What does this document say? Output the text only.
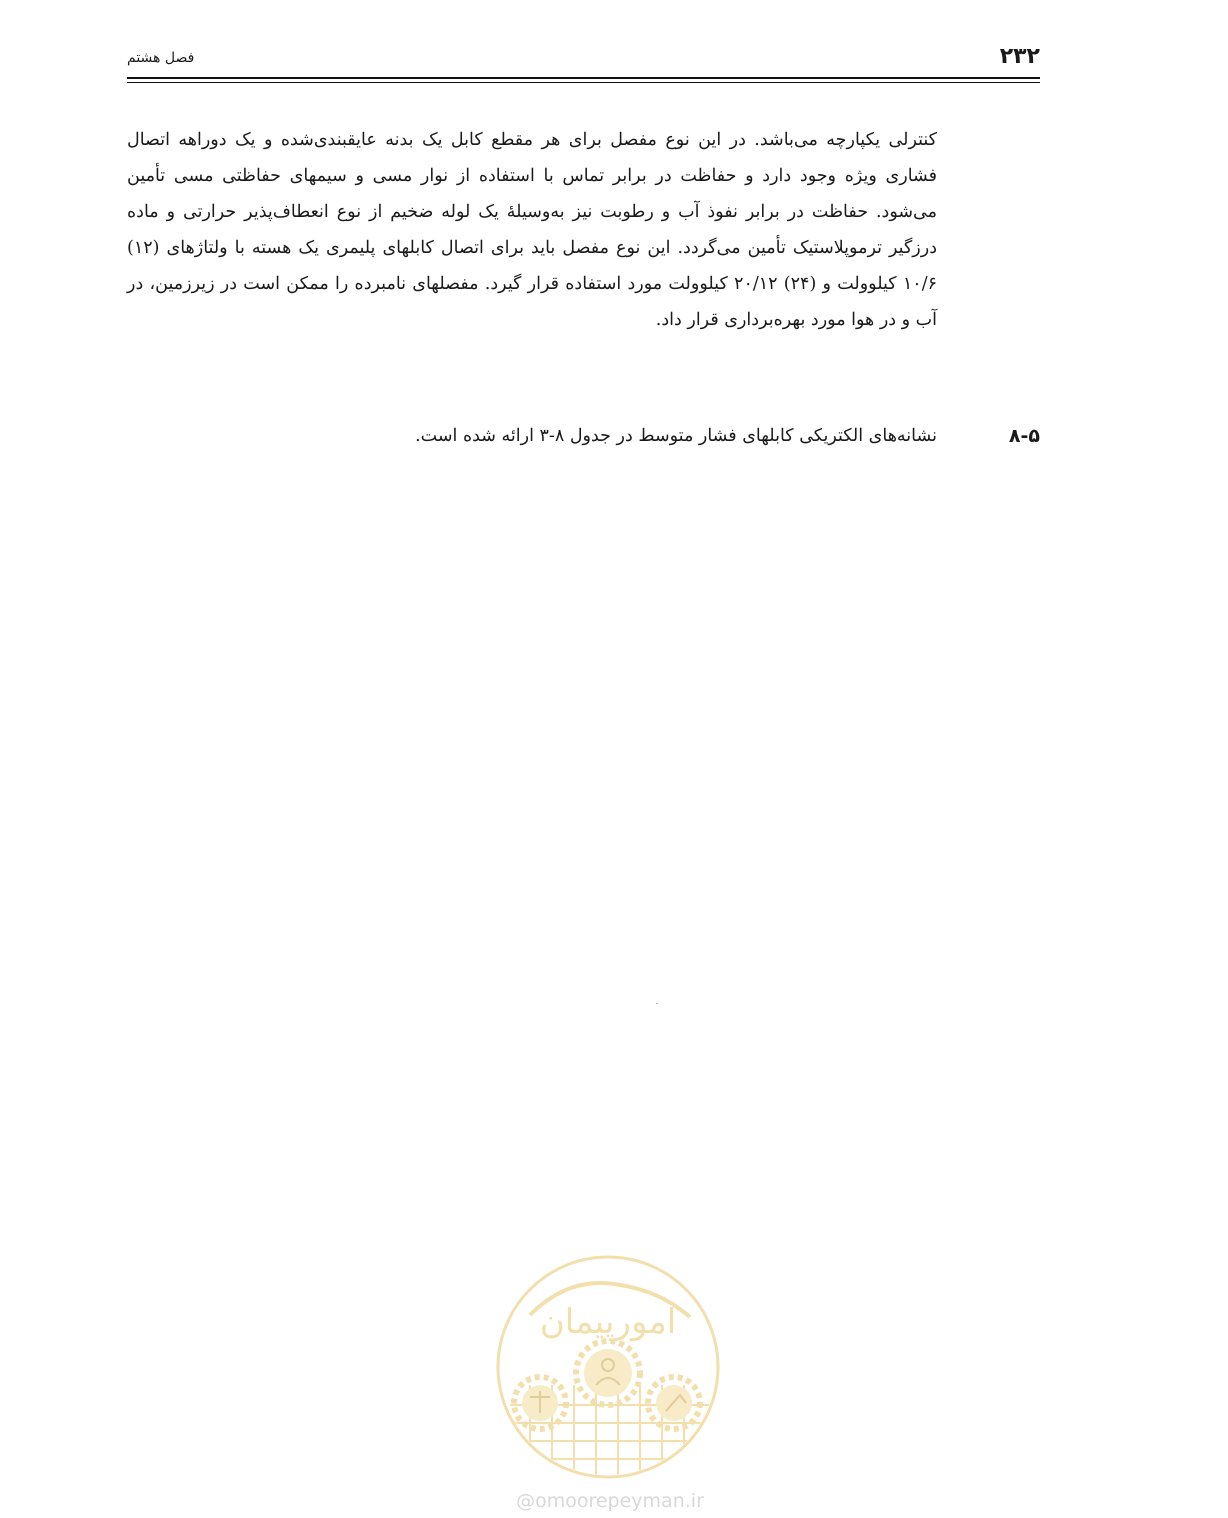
۲۳۲
فصل هشتم

کنترلی یکپارچه می‌باشد. در این نوع مفصل برای هر مقطع کابل یک بدنه عایقبندی‌شده و یک دوراهه اتصال فشاری ویژه وجود دارد و حفاظت در برابر تماس با استفاده از نوار مسی و سیمهای حفاظتی مسی تأمین می‌شود. حفاظت در برابر نفوذ آب و رطوبت نیز به‌وسیلهٔ یک لوله ضخیم از نوع انعطاف‌پذیر حرارتی و ماده درزگیر ترموپلاستیک تأمین می‌گردد. این نوع مفصل باید برای اتصال کابلهای پلیمری یک هسته با ولتاژهای (۱۲) ۱۰/۶ کیلوولت و (۲۴) ۲۰/۱۲ کیلوولت مورد استفاده قرار گیرد. مفصلهای نامبرده را ممکن است در زیرزمین، در آب و در هوا مورد بهره‌برداری قرار داد.

۸-۵
نشانه‌های الکتریکی کابلهای فشار متوسط در جدول ۸-۳ ارائه شده است.
امورپیمان
@omoorepeyman.ir
